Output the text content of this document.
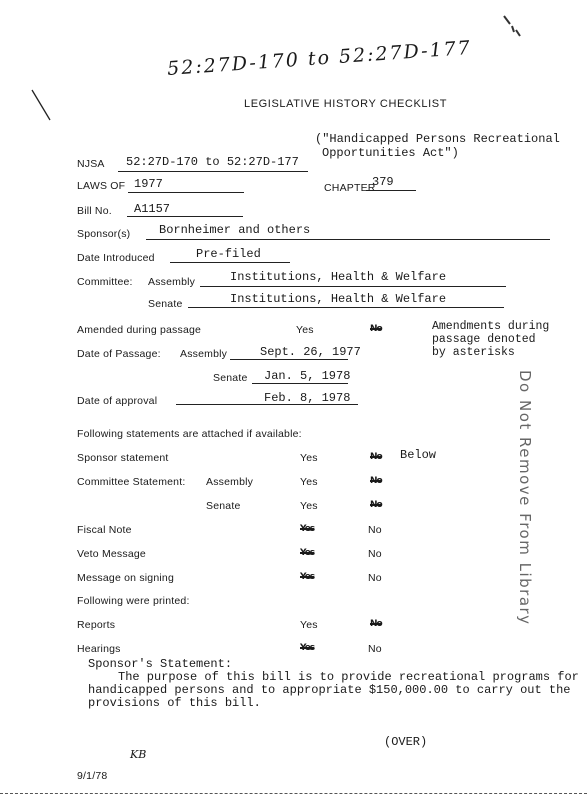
52:27D-170 to 52:27D-177
LEGISLATIVE HISTORY CHECKLIST
("Handicapped Persons Recreational
Opportunities Act")
NJSA 52:27D-170 to 52:27D-177
LAWS OF 1977	CHAPTER
379
Bill No. A1157
Sponsor(s) Bornheimer and others
Date Introduced	Pre-filed
Committee: Assembly	Institutions, Health & Welfare
Senate	Institutions, Health & Welfare
Amended during passage	Yes	No	Amendments during
passage denoted
by asterisks
Date of Passage: Assembly	Sept. 26, 1977
Senate Jan. 5, 1978
Date of approval	Feb. 8, 1978
Following statements are attached if available:
Sponsor statement	Yes	No Below
Committee Statement: Assembly	Yes	No
Senate	Yes	No
Fiscal Note	Yes	No
Veto Message	Yes	No
Message on signing	Yes	No
Following were printed:
Reports	Yes	No
Hearings	Yes	No
Sponsor's Statement:
The purpose of this bill is to provide recreational programs for
handicapped persons and to appropriate $150,000.00 to carry out the
provisions of this bill.
(OVER)
KB
9/1/78
Do Not Remove From Library
